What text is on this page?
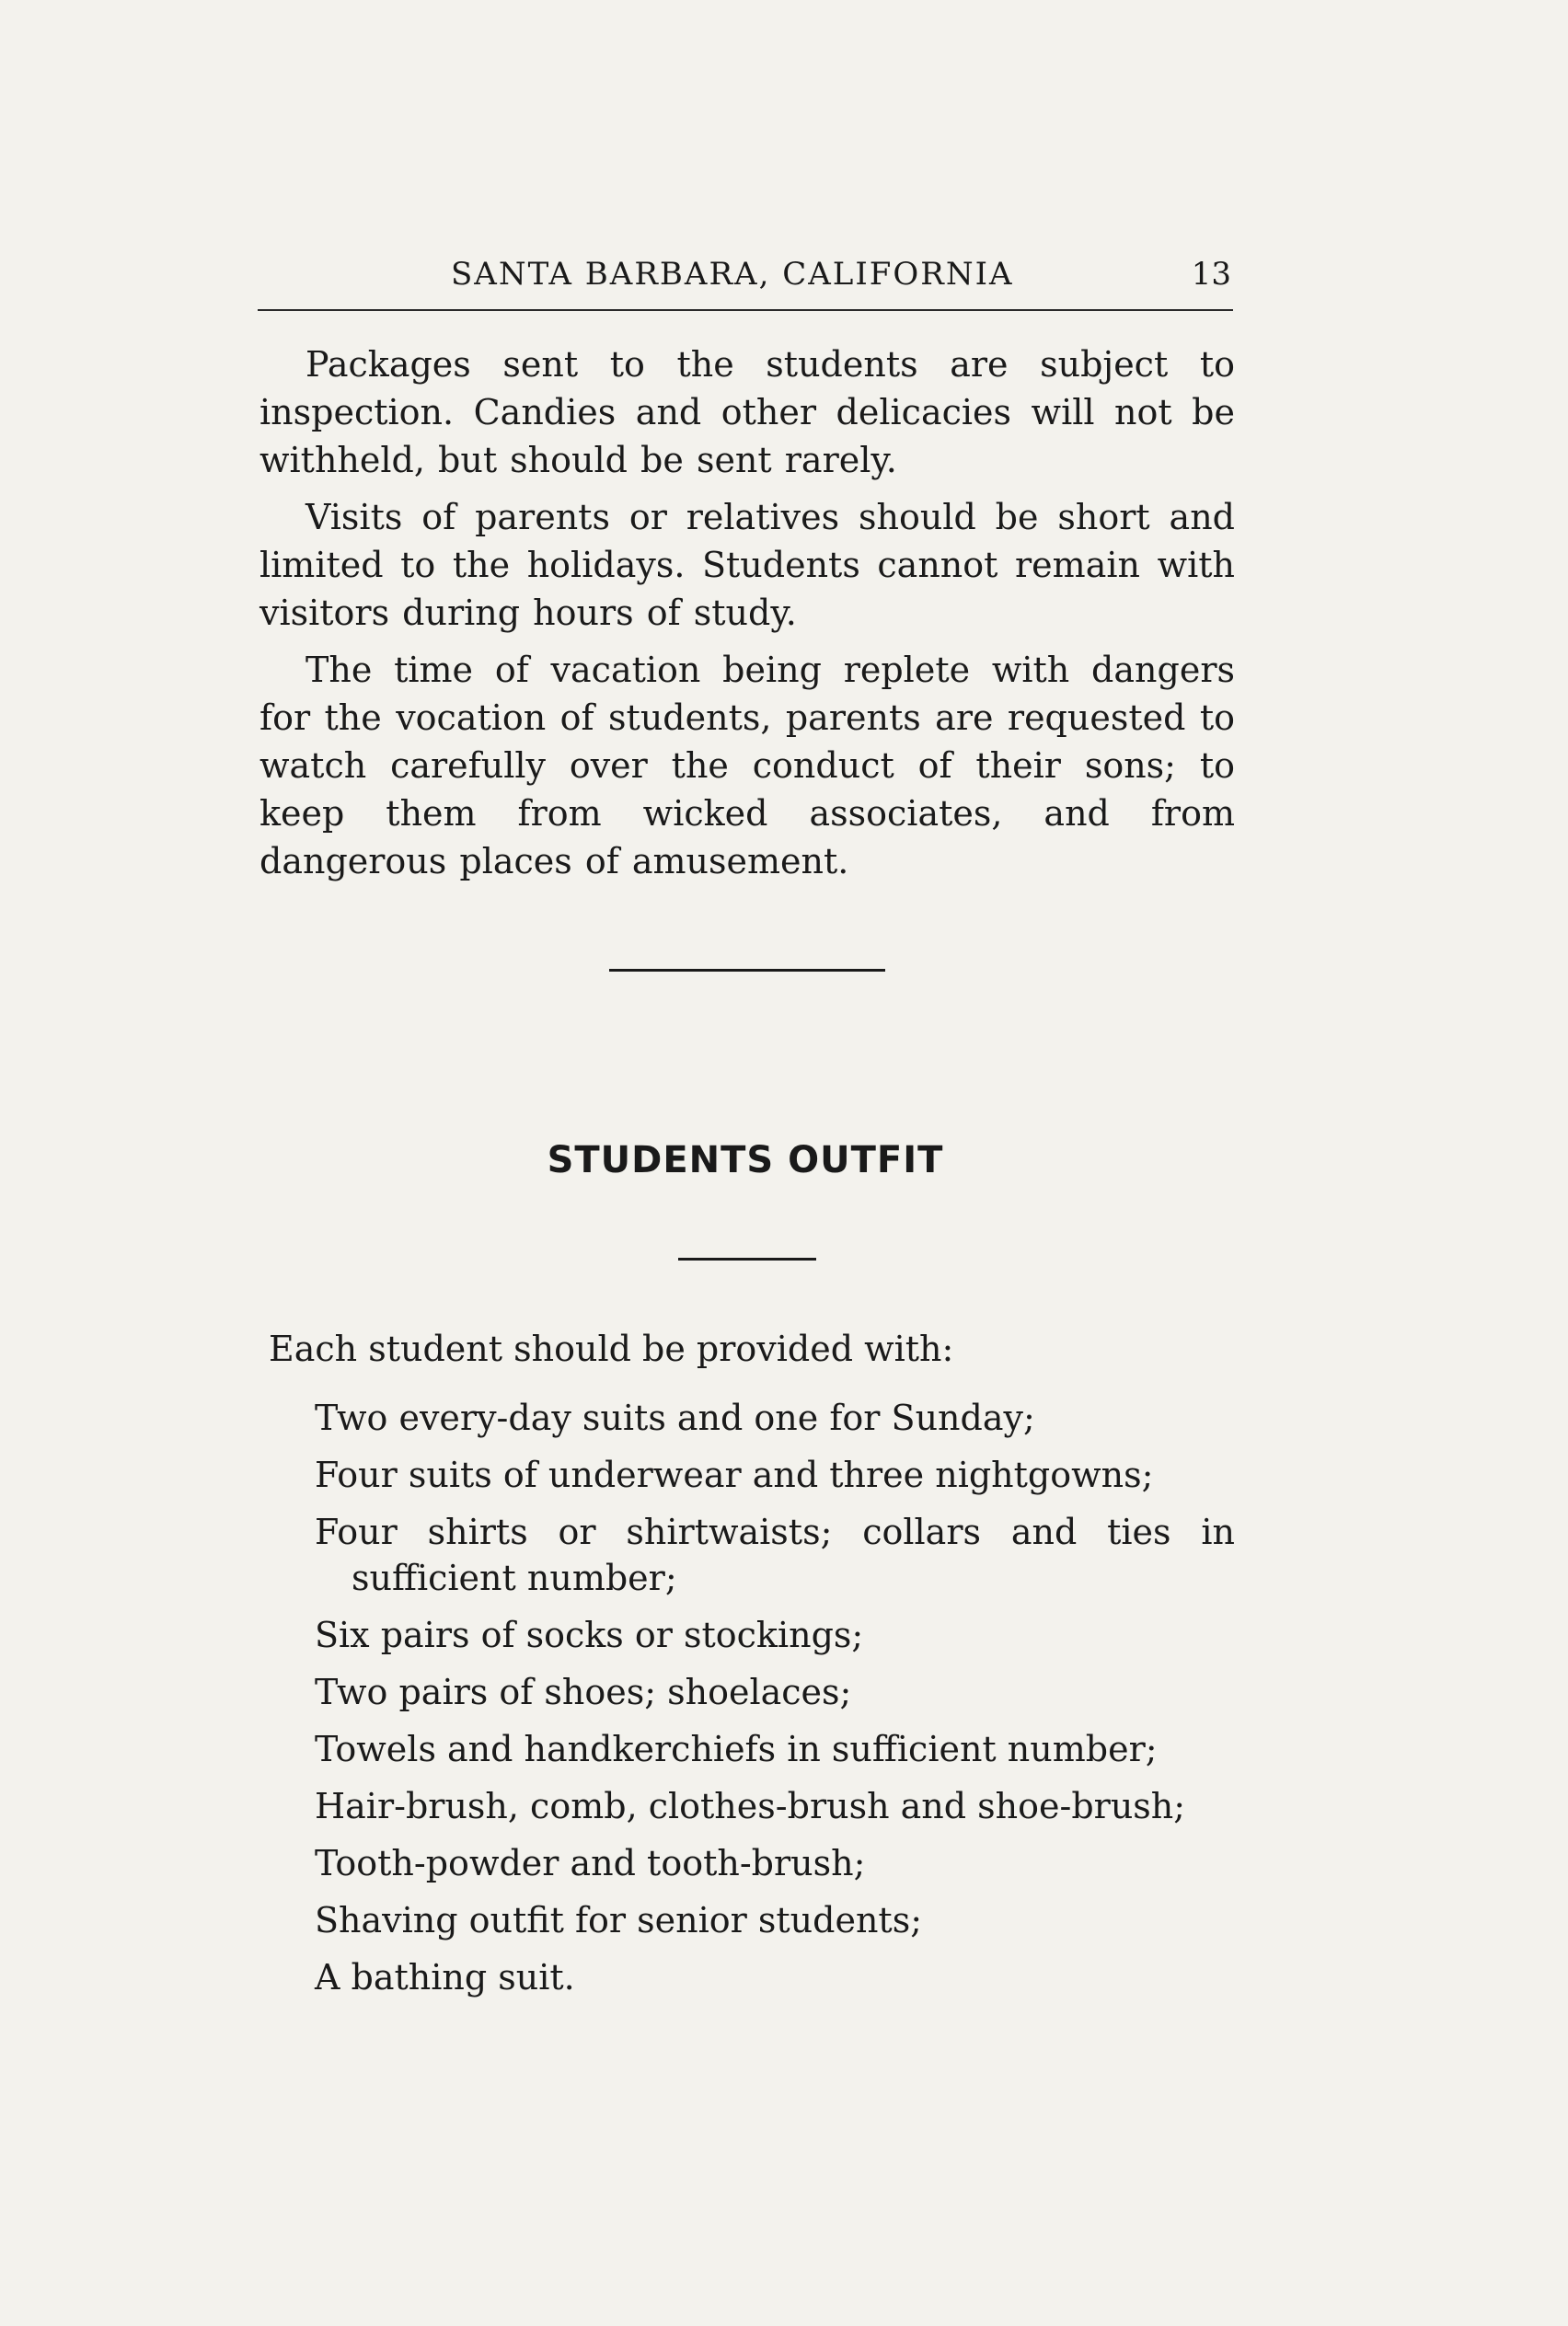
SANTA BARBARA, CALIFORNIA	13

Packages sent to the students are subject to inspection. Candies and other delicacies will not be withheld, but should be sent rarely.

Visits of parents or relatives should be short and limited to the holidays. Students cannot remain with visitors during hours of study.

The time of vacation being replete with dangers for the vocation of students, parents are requested to watch carefully over the conduct of their sons; to keep them from wicked associates, and from dangerous places of amusement.

STUDENTS OUTFIT
Each student should be provided with:
Two every-day suits and one for Sunday;
Four suits of underwear and three nightgowns;
Four shirts or shirtwaists; collars and ties in sufficient number;
Six pairs of socks or stockings;
Two pairs of shoes; shoelaces;
Towels and handkerchiefs in sufficient number;
Hair-brush, comb, clothes-brush and shoe-brush;
Tooth-powder and tooth-brush;
Shaving outfit for senior students;
A bathing suit.
